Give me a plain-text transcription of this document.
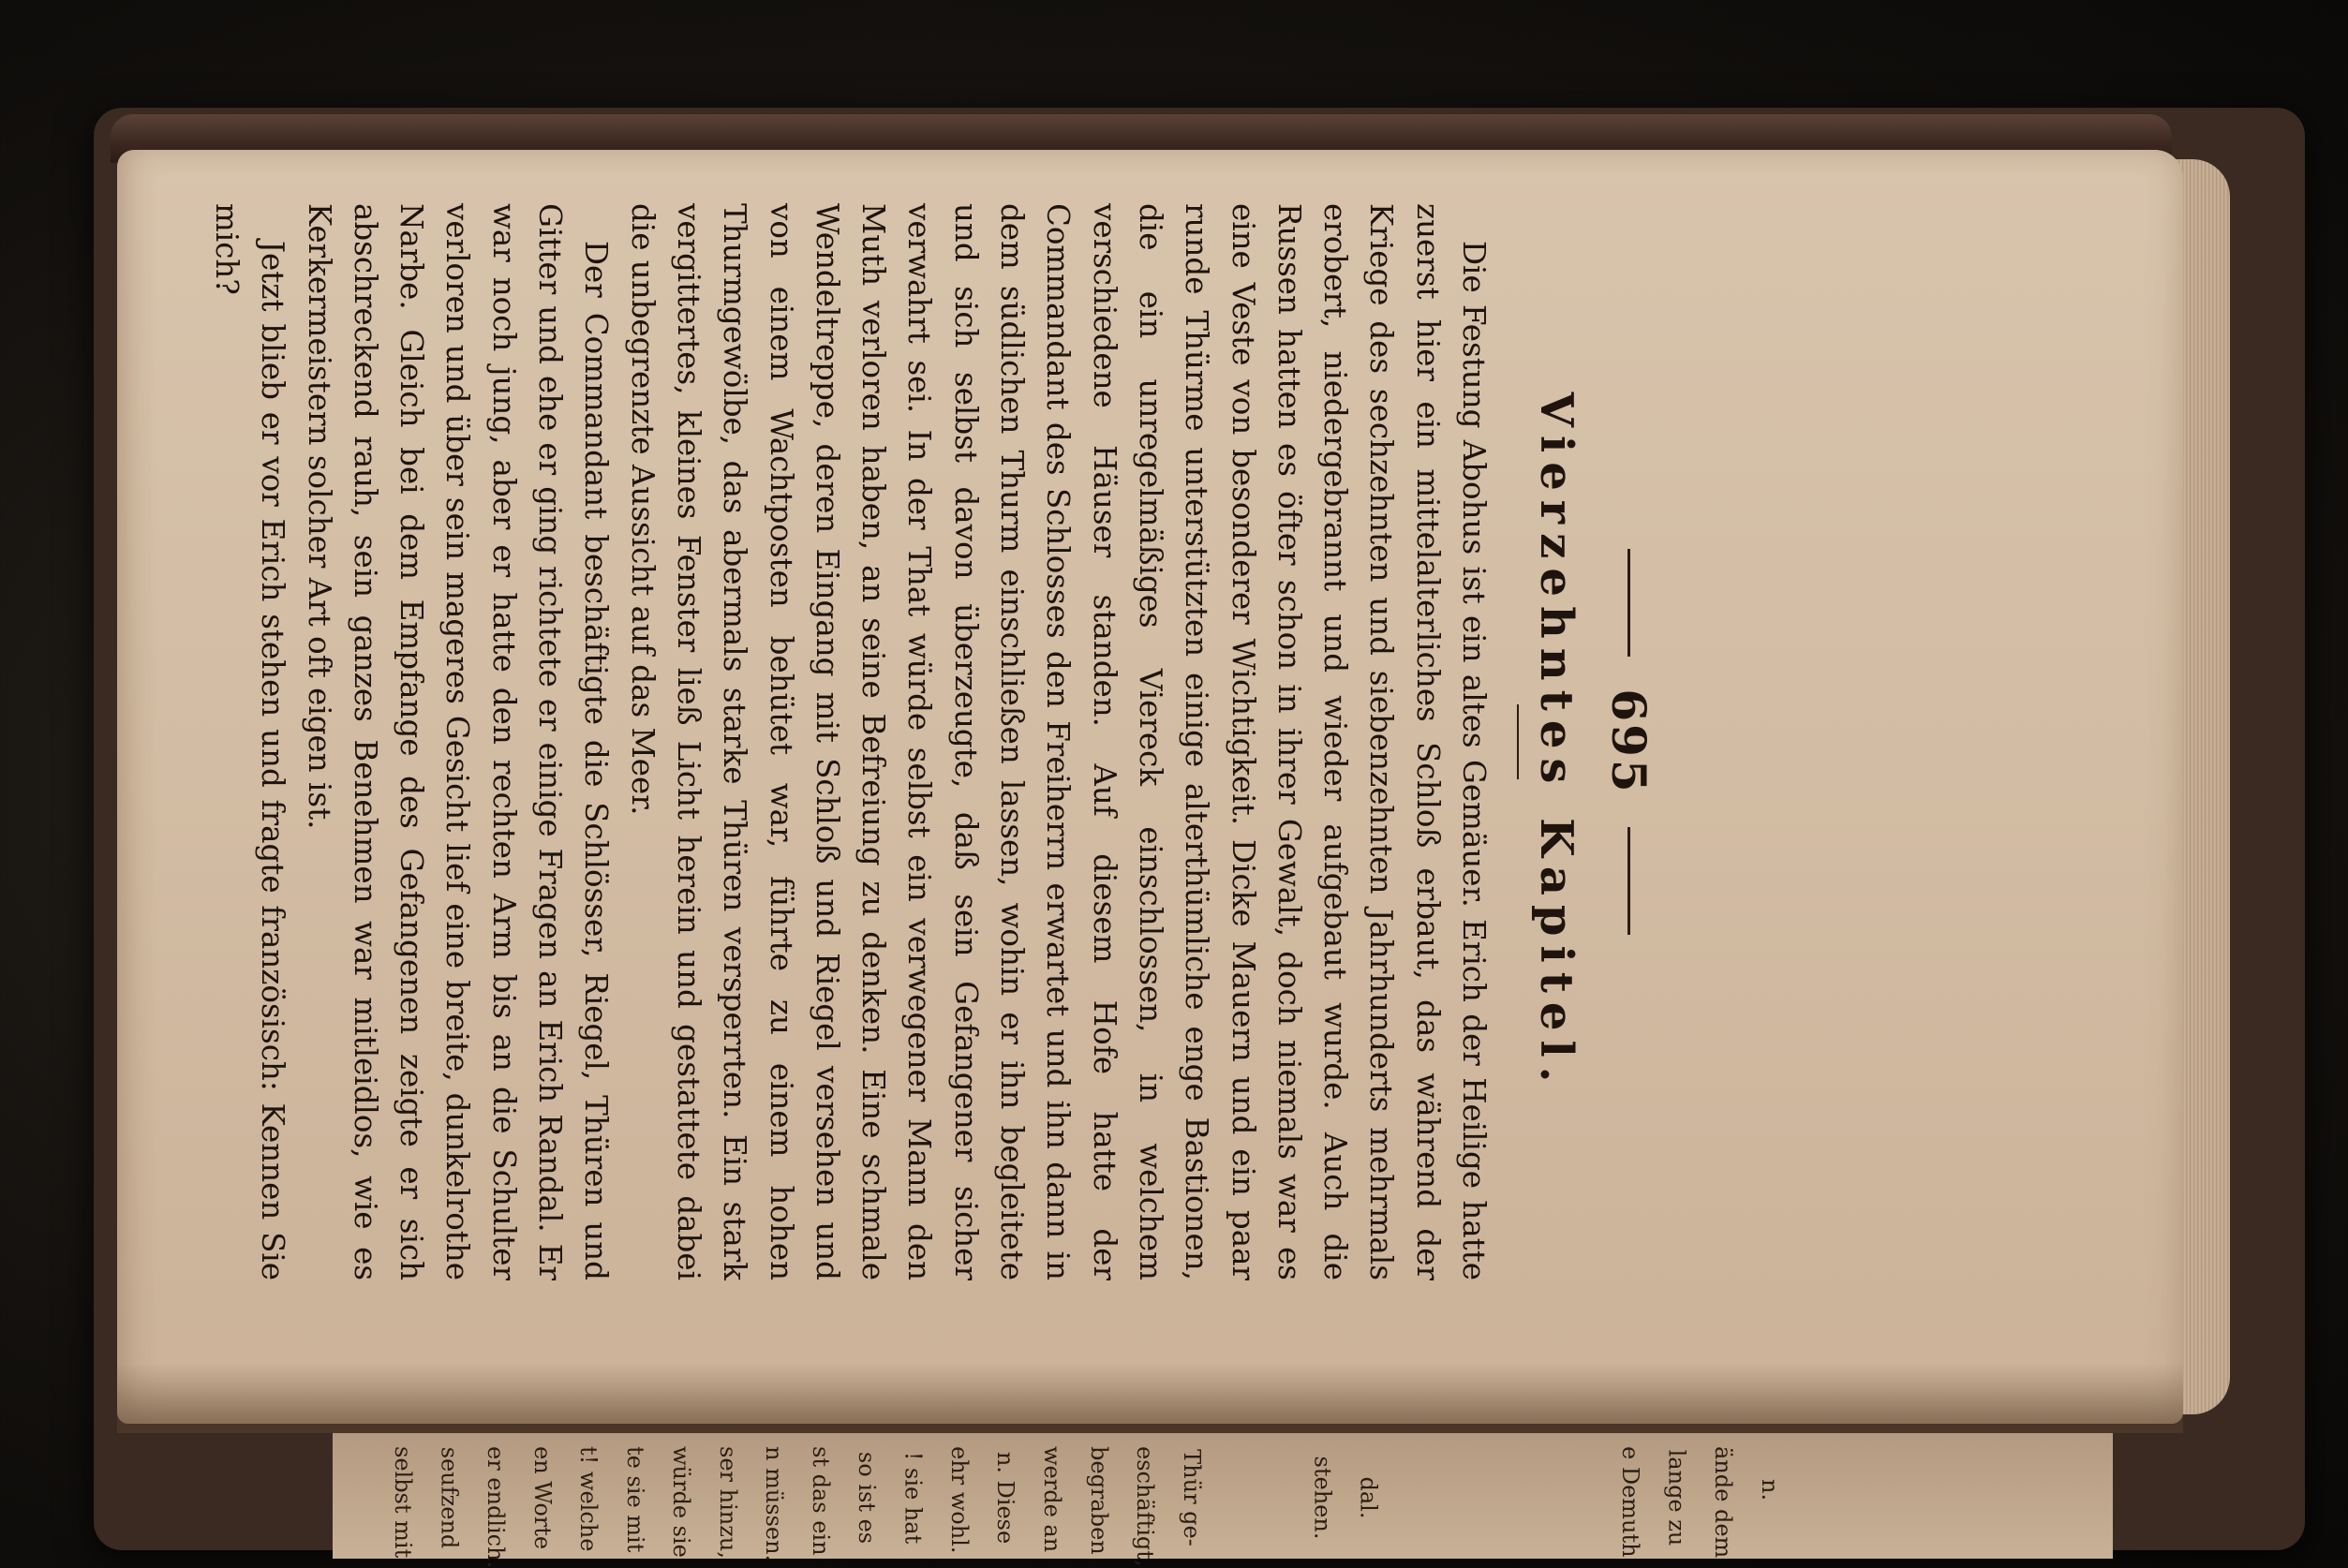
selbst mit seufzend er endlich. en Worte t! welche te sie mit würde sie ser hinzu, n müssen. st das ein so ist es ! sie hat ehr wohl. n. Diese werde an begraben eschäftigt, Thür ge-	stehen. dal.	e Demuth lange zu ände dem n.
695
Vierzehntes Kapitel.

Die Festung Abohus ist ein altes Gemäuer. Erich der Heilige hatte zuerst hier ein mittelalterliches Schloß erbaut, das während der Kriege des sechzehnten und siebenzehnten Jahrhunderts mehrmals erobert, niedergebrannt und wieder aufgebaut wurde. Auch die Russen hatten es öfter schon in ihrer Gewalt, doch niemals war es eine Veste von besonderer Wichtigkeit. Dicke Mauern und ein paar runde Thürme unterstützten einige alterthümliche enge Bastionen, die ein unregelmäßiges Viereck einschlossen, in welchem verschiedene Häuser standen. Auf diesem Hofe hatte der Commandant des Schlosses den Freiherrn erwartet und ihn dann in dem südlichen Thurm einschließen lassen, wohin er ihn begleitete und sich selbst davon überzeugte, daß sein Gefangener sicher verwahrt sei. In der That würde selbst ein verwegener Mann den Muth verloren haben, an seine Befreiung zu denken. Eine schmale Wendeltreppe, deren Eingang mit Schloß und Riegel versehen und von einem Wachtposten behütet war, führte zu einem hohen Thurmgewölbe, das abermals starke Thüren versperrten. Ein stark vergittertes, kleines Fenster ließ Licht herein und gestattete dabei die unbegrenzte Aussicht auf das Meer.

Der Commandant beschäftigte die Schlösser, Riegel, Thüren und Gitter und ehe er ging richtete er einige Fragen an Erich Randal. Er war noch jung, aber er hatte den rechten Arm bis an die Schulter verloren und über sein mageres Gesicht lief eine breite, dunkelrothe Narbe. Gleich bei dem Empfange des Gefangenen zeigte er sich abschreckend rauh, sein ganzes Benehmen war mitleidlos, wie es Kerkermeistern solcher Art oft eigen ist.

Jetzt blieb er vor Erich stehen und fragte französisch: Kennen Sie mich?
